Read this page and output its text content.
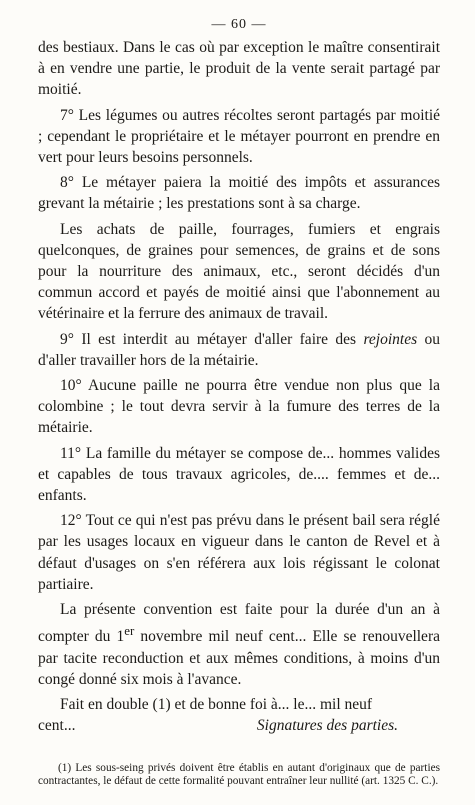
— 60 —

des bestiaux. Dans le cas où par exception le maître consentirait à en vendre une partie, le produit de la vente serait partagé par moitié.

7° Les légumes ou autres récoltes seront partagés par moitié ; cependant le propriétaire et le métayer pourront en prendre en vert pour leurs besoins personnels.

8° Le métayer paiera la moitié des impôts et assurances grevant la métairie ; les prestations sont à sa charge.

Les achats de paille, fourrages, fumiers et engrais quelconques, de graines pour semences, de grains et de sons pour la nourriture des animaux, etc., seront décidés d'un commun accord et payés de moitié ainsi que l'abonnement au vétérinaire et la ferrure des animaux de travail.

9° Il est interdit au métayer d'aller faire des rejointes ou d'aller travailler hors de la métairie.

10° Aucune paille ne pourra être vendue non plus que la colombine ; le tout devra servir à la fumure des terres de la métairie.

11° La famille du métayer se compose de... hommes valides et capables de tous travaux agricoles, de.... femmes et de... enfants.

12° Tout ce qui n'est pas prévu dans le présent bail sera réglé par les usages locaux en vigueur dans le canton de Revel et à défaut d'usages on s'en référera aux lois régissant le colonat partiaire.

La présente convention est faite pour la durée d'un an à compter du 1er novembre mil neuf cent... Elle se renouvellera par tacite reconduction et aux mêmes conditions, à moins d'un congé donné six mois à l'avance.

Fait en double (1) et de bonne foi à... le... mil neuf

cent...	Signatures des parties.
(1) Les sous-seing privés doivent être établis en autant d'originaux que de parties contractantes, le défaut de cette formalité pouvant entraîner leur nullité (art. 1325 C. C.).
